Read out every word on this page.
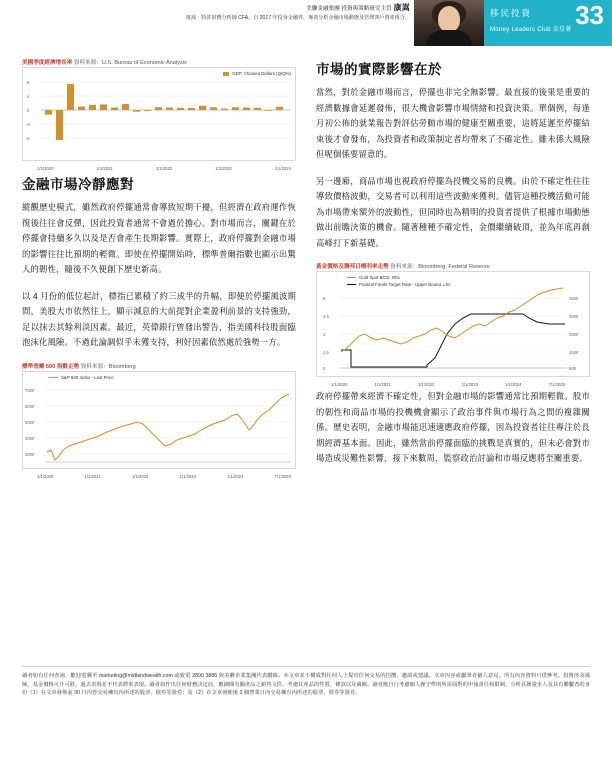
美聯金融集團 投資與策略研究主管 康嵩
康嵩‧特許財務分析師 CFA，自 2017 年投身金融界，專責分析金融市場動態及管理客戶資產組合。	移民投資
Money Leaders Club 金星薈 33
美國季度經濟增長率 資料來源：U.S. Bureau of Economic Analysis
GDP, Chained Dollars (Q/Q%)
8
4
0
-4
-8
1/1/2020	1/1/2021	1/1/2022	1/1/2023	1/1/2024
金融市場冷靜應對

縱觀歷史模式，雖然政府停擺通常會導致短期干擾，但經濟在政府運作恢復後往往會反彈，因此投資者通常不會過於擔心。對市場而言，關鍵在於停擺會持續多久以及是否會產生長期影響。實際上，政府停擺對金融市場的影響往往比預期的輕微。即使在停擺開始時，標準普爾指數也顯示出驚人的韌性，隨後不久便創下歷史新高。

以 4 月份的低位起計，標指已累積了約三成半的升幅，即便於停擺風波期間，美股大市依然往上，顯示減息的大前提對企業盈利前景的支持強勁，足以抹去其餘利淡因素。最近，英偉銀行曾發出警告，指美國科技股面臨泡沫化風險。不過此論調似乎未獲支持，利好因素依然處於強勢一方。

標準普爾 500 指數走勢 資料來源：Bloomberg
S&P 500 Index - Last Price
7000
6000
5000
4000
3000
1/1/2020	1/1/2021	1/1/2022	1/1/2023	1/1/2024	7/1/2025
市場的實際影響在於

當然，對於金融市場而言，停擺也非完全無影響。最直接的後果是重要的經濟數據會延遲發佈，很大機會影響市場情緒和投資決策。單個例，每逢月初公佈的就業報告對評估勞動市場的健康至關重要，這將延遲至停擺結束後才會發布，為投資者和政策制定者均帶來了不確定性。雖未係大風險但呢個係要留意的。

另一邊廂，商品市場也視政府停擺為投機交易的良機。由於不確定性往往導致價格波動，交易者可以利用這些波動來獲利。儘管這種投機活動可能為市場帶來額外的波動性，但同時也為精明的投資者提供了根據市場動態做出前瞻決策的機會。隨著種種不確定性，金價繼續破頂，並為年底再創高峰打下新基礎。

黃金價格及聯邦目標利率走勢 資料來源：Bloomberg, Federal Reserve
Gold Spot $/OZ, Rhs
Federal Funds Target Rate - Upper Bound, Lhs
6
4.5
3
1.5
0
4500
3500
2500
1500
500
1/1/2020	1/1/2021	1/1/2022	1/1/2023	1/1/2024	7/1/2025

政府停擺帶來經濟不確定性，但對金融市場的影響通常比預期輕微。股市的韌性和商品市場的投機機會顯示了政治事件與市場行為之間的複雜關係。歷史表明，金融市場能迅速適應政府停擺，因為投資者往往專注於長期經濟基本面。因此，雖然當前停擺面臨的挑戰是真實的，但未必會對市場造成災難性影響，接下來數周，監察政治討論和市場反應將至關重要。

讀者如有任何查詢，歡迎電郵至 marketing@midlandwealth.com 或致電 2800 3885 與美聯企業集團代表聯絡。本文章並不構成對任何人士提出任何交易的招攬、邀請或建議。文章內容或屬筆者個人意見，所有內容資料只供參考。投資涉及風險，基金價格可升可跌，過去表現並不代表將來表現。讀者如作出任何財務決定前，應細閱有關產品之銷售文件、考慮其產品的性質、條款以及風險。讀者應自行考慮個人操守準則所需面對的申報責任和限制，分析具操證本人及其有聯繫者的身份（1）在文章發佈前 30 日內曾交易擁有內所述的股票、債券等證券；及（2）在文章發佈後 3 個營業日內交易擁有內所述的股票、債券等證券。
